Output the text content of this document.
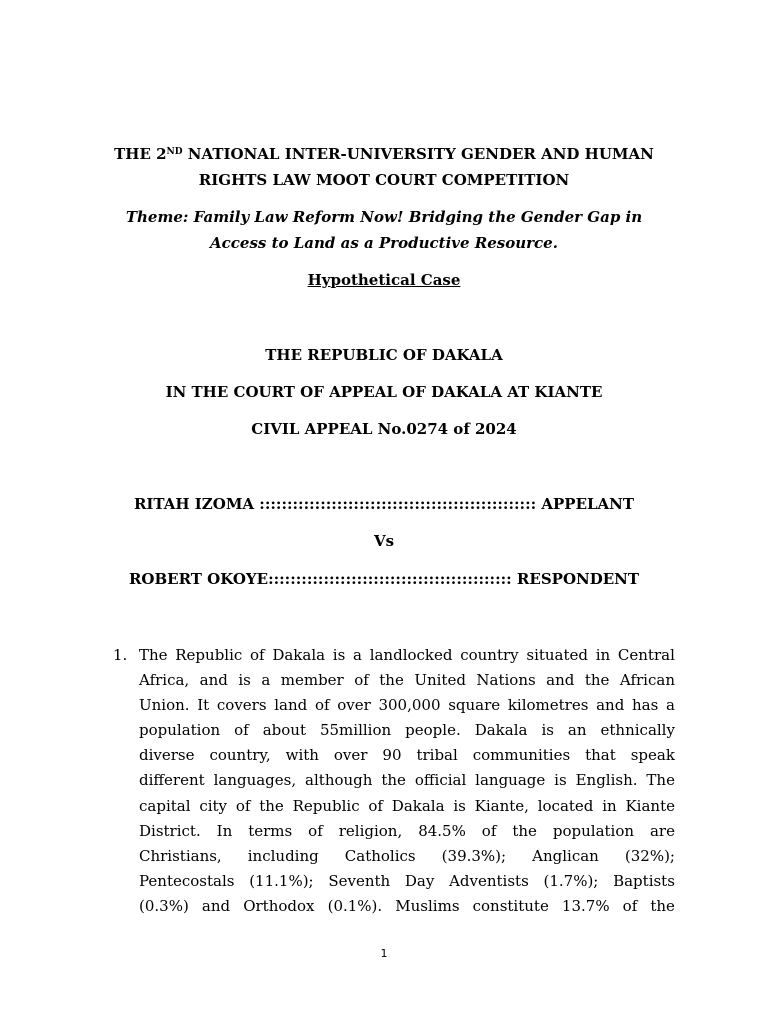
THE 2ND NATIONAL INTER-UNIVERSITY GENDER AND HUMAN
RIGHTS LAW MOOT COURT COMPETITION
Theme: Family Law Reform Now! Bridging the Gender Gap in
Access to Land as a Productive Resource.
Hypothetical Case
THE REPUBLIC OF DAKALA
IN THE COURT OF APPEAL OF DAKALA AT KIANTE
CIVIL APPEAL No.0274 of 2024
RITAH IZOMA :::::::::::::::::::::::::::::::::::::::::::::::::: APPELANT
Vs
ROBERT OKOYE:::::::::::::::::::::::::::::::::::::::::::: RESPONDENT
1. The Republic of Dakala is a landlocked country situated in Central
Africa, and is a member of the United Nations and the African
Union. It covers land of over 300,000 square kilometres and has a
population of about 55million people. Dakala is an ethnically
diverse country, with over 90 tribal communities that speak
different languages, although the official language is English. The
capital city of the Republic of Dakala is Kiante, located in Kiante
District. In terms of religion, 84.5% of the population are
Christians, including Catholics (39.3%); Anglican (32%);
Pentecostals (11.1%); Seventh Day Adventists (1.7%); Baptists
(0.3%) and Orthodox (0.1%). Muslims constitute 13.7% of the
1
